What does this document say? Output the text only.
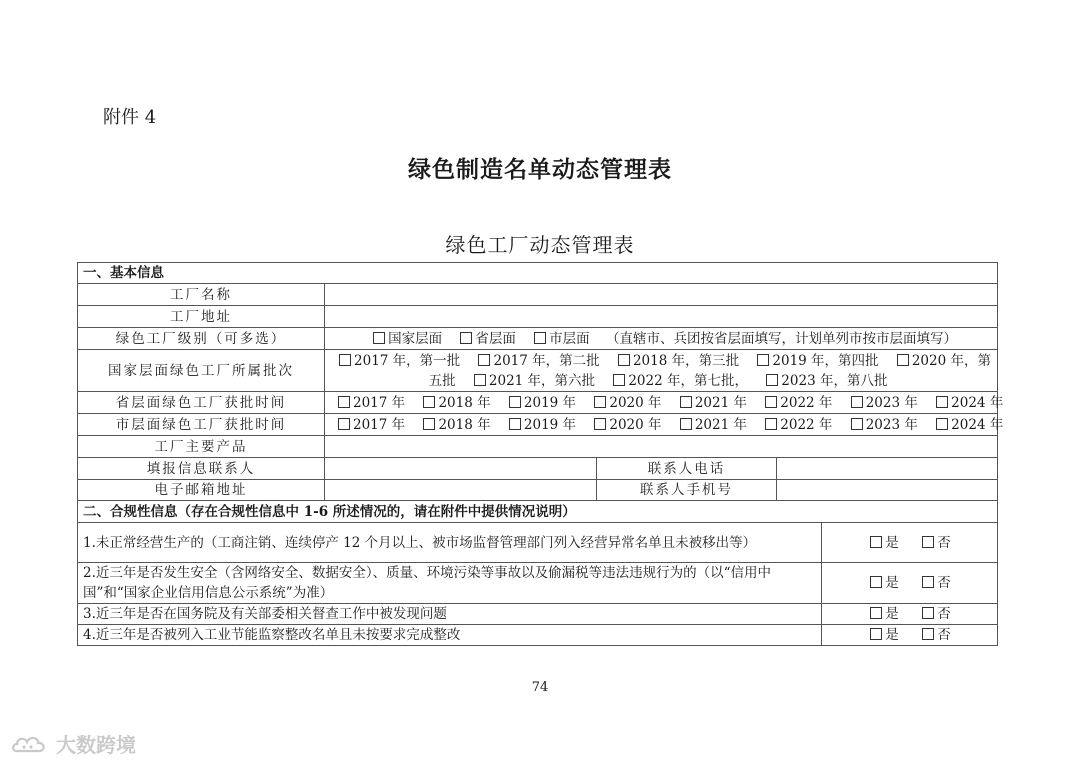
附件 4
绿色制造名单动态管理表
绿色工厂动态管理表
一、基本信息				
工厂名称				
工厂地址				
绿色工厂级别（可多选）	国家层面 省层面 市层面 （直辖市、兵团按省层面填写，计划单列市按市层面填写）			
国家层面绿色工厂所属批次	2017 年，第一批 2017 年，第二批 2018 年，第三批 2019 年，第四批 2020 年，第五批 2021 年，第六批 2022 年，第七批， 2023 年，第八批			
省层面绿色工厂获批时间	2017 年 2018 年 2019 年 2020 年 2021 年 2022 年 2023 年 2024 年			
市层面绿色工厂获批时间	2017 年 2018 年 2019 年 2020 年 2021 年 2022 年 2023 年 2024 年			
工厂主要产品				
填报信息联系人		联系人电话		
电子邮箱地址		联系人手机号		
二、合规性信息（存在合规性信息中 1-6 所述情况的，请在附件中提供情况说明）				
1.未正常经营生产的（工商注销、连续停产 12 个月以上、被市场监督管理部门列入经营异常名单且未被移出等）				是 否
2.近三年是否发生安全（含网络安全、数据安全）、质量、环境污染等事故以及偷漏税等违法违规行为的（以“信用中国”和“国家企业信用信息公示系统”为准）				是 否
3.近三年是否在国务院及有关部委相关督查工作中被发现问题				是 否
4.近三年是否被列入工业节能监察整改名单且未按要求完成整改				是 否
74
大数跨境
